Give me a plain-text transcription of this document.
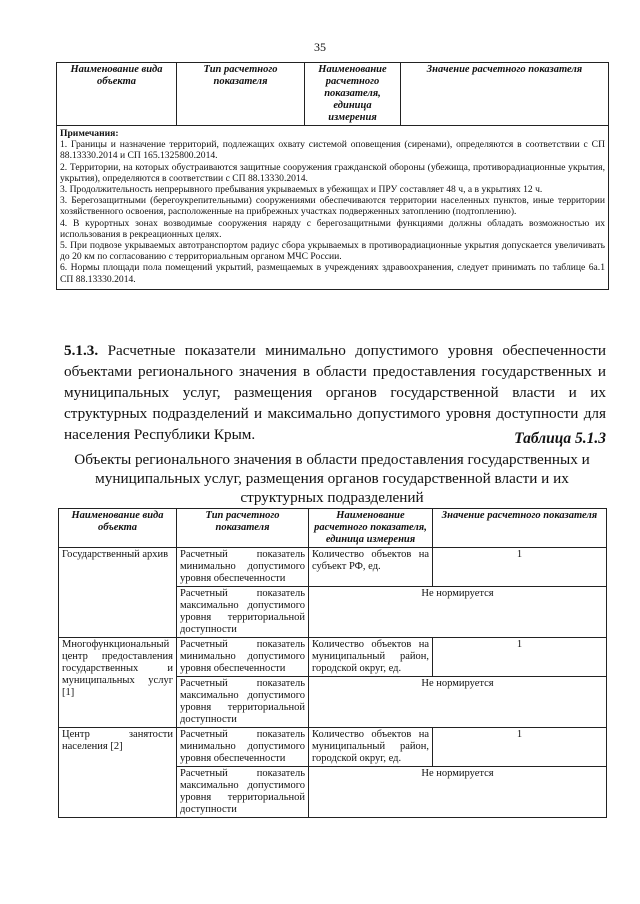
35
Наименование вида объекта	Тип расчетного показателя	Наименование расчетного показателя, единица измерения	Значение расчетного показателя

Примечания:

1. Границы и назначение территорий, подлежащих охвату системой оповещения (сиренами), определяются в соответствии с СП 88.13330.2014 и СП 165.1325800.2014.

2. Территории, на которых обустраиваются защитные сооружения гражданской обороны (убежища, противорадиационные укрытия, укрытия), определяются в соответствии с СП 88.13330.2014.

3. Продолжительность непрерывного пребывания укрываемых в убежищах и ПРУ составляет 48 ч, а в укрытиях 12 ч.

3. Берегозащитными (берегоукрепительными) сооружениями обеспечиваются территории населенных пунктов, иные территории хозяйственного освоения, расположенные на прибрежных участках подверженных затоплению (подтоплению).

4. В курортных зонах возводимые сооружения наряду с берегозащитными функциями должны обладать возможностью их использования в рекреационных целях.

5. При подвозе укрываемых автотранспортом радиус сбора укрываемых в противорадиационные укрытия допускается увеличивать до 20 км по согласованию с территориальным органом МЧС России.

6. Нормы площади пола помещений укрытий, размещаемых в учреждениях здравоохранения, следует принимать по таблице 6а.1 СП 88.13330.2014.

5.1.3. Расчетные показатели минимально допустимого уровня обеспеченности объектами регионального значения в области предоставления государственных и муниципальных услуг, размещения органов государственной власти и их структурных подразделений и максимально допустимого уровня доступности для населения Республики Крым.	Таблица 5.1.3
Объекты регионального значения в области предоставления государственных и муниципальных услуг, размещения органов государственной власти и их структурных подразделений
Наименование вида объекта	Тип расчетного показателя	Наименование расчетного показателя, единица измерения	Значение расчетного показателя
Государственный архив	Расчетный показатель минимально допустимого уровня обеспеченности	Количество объектов на субъект РФ, ед.	1
	Расчетный показатель максимально допустимого уровня территориальной доступности	Не нормируется	
Многофункциональный центр предоставления государственных и муниципальных услуг [1]	Расчетный показатель минимально допустимого уровня обеспеченности	Количество объектов на муниципальный район, городской округ, ед.	1
	Расчетный показатель максимально допустимого уровня территориальной доступности	Не нормируется	
Центр занятости населения [2]	Расчетный показатель минимально допустимого уровня обеспеченности	Количество объектов на муниципальный район, городской округ, ед.	1
	Расчетный показатель максимально допустимого уровня территориальной доступности	Не нормируется	
